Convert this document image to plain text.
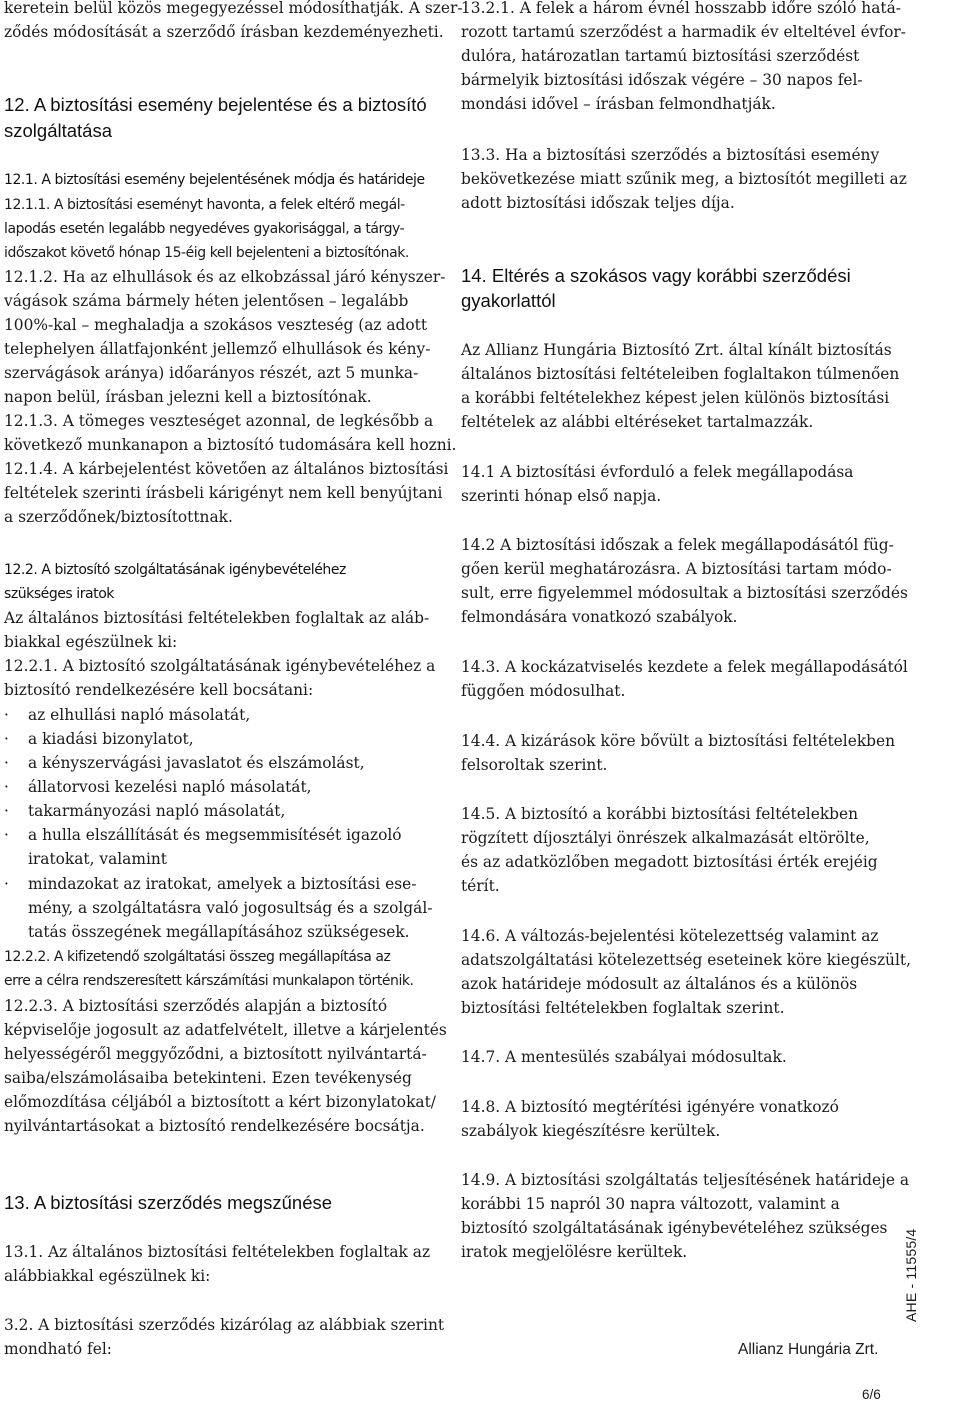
keretein belül közös megegyezéssel módosíthatják. A szer-
ződés módosítását a szerződő írásban kezdeményezheti.
12. A biztosítási esemény bejelentése és a biztosító
szolgáltatása
12.1. A biztosítási esemény bejelentésének módja és határideje
12.1.1. A biztosítási eseményt havonta, a felek eltérő megál-
lapodás esetén legalább negyedéves gyakorisággal, a tárgy-
időszakot követő hónap 15-éig kell bejelenteni a biztosítónak.
12.1.2. Ha az elhullások és az elkobzással járó kényszer-
vágások száma bármely héten jelentősen – legalább
100%-kal – meghaladja a szokásos veszteség (az adott
telephelyen állatfajonként jellemző elhullások és kény-
szervágások aránya) időarányos részét, azt 5 munka-
napon belül, írásban jelezni kell a biztosítónak.
12.1.3. A tömeges veszteséget azonnal, de legkésőbb a
következő munkanapon a biztosító tudomására kell hozni.
12.1.4. A kárbejelentést követően az általános biztosítási
feltételek szerinti írásbeli kárigényt nem kell benyújtani
a szerződőnek/biztosítottnak.
12.2. A biztosító szolgáltatásának igénybevételéhez
szükséges iratok
Az általános biztosítási feltételekben foglaltak az aláb-
biakkal egészülnek ki:
12.2.1. A biztosító szolgáltatásának igénybevételéhez a
biztosító rendelkezésére kell bocsátani:
· az elhullási napló másolatát,
· a kiadási bizonylatot,
· a kényszervágási javaslatot és elszámolást,
· állatorvosi kezelési napló másolatát,
· takarmányozási napló másolatát,
· a hulla elszállítását és megsemmisítését igazoló
iratokat, valamint
· mindazokat az iratokat, amelyek a biztosítási ese-
mény, a szolgáltatásra való jogosultság és a szolgál-
tatás összegének megállapításához szükségesek.
12.2.2. A kifizetendő szolgáltatási összeg megállapítása az
erre a célra rendszeresített kárszámítási munkalapon történik.
12.2.3. A biztosítási szerződés alapján a biztosító
képviselője jogosult az adatfelvételt, illetve a kárjelentés
helyességéről meggyőződni, a biztosított nyilvántartá-
saiba/elszámolásaiba betekinteni. Ezen tevékenység
előmozdítása céljából a biztosított a kért bizonylatokat/
nyilvántartásokat a biztosító rendelkezésére bocsátja.
13. A biztosítási szerződés megszűnése
13.1. Az általános biztosítási feltételekben foglaltak az
alábbiakkal egészülnek ki:
3.2. A biztosítási szerződés kizárólag az alábbiak szerint
mondható fel:
13.2.1. A felek a három évnél hosszabb időre szóló hatá-
rozott tartamú szerződést a harmadik év elteltével évfor-
dulóra, határozatlan tartamú biztosítási szerződést
bármelyik biztosítási időszak végére – 30 napos fel-
mondási idővel – írásban felmondhatják.
13.3. Ha a biztosítási szerződés a biztosítási esemény
bekövetkezése miatt szűnik meg, a biztosítót megilleti az
adott biztosítási időszak teljes díja.
14. Eltérés a szokásos vagy korábbi szerződési
gyakorlattól
Az Allianz Hungária Biztosító Zrt. által kínált biztosítás
általános biztosítási feltételeiben foglaltakon túlmenően
a korábbi feltételekhez képest jelen különös biztosítási
feltételek az alábbi eltéréseket tartalmazzák.
14.1 A biztosítási évforduló a felek megállapodása
szerinti hónap első napja.
14.2 A biztosítási időszak a felek megállapodásától füg-
gően kerül meghatározásra. A biztosítási tartam módo-
sult, erre figyelemmel módosultak a biztosítási szerződés
felmondására vonatkozó szabályok.
14.3. A kockázatviselés kezdete a felek megállapodásától
függően módosulhat.
14.4. A kizárások köre bővült a biztosítási feltételekben
felsoroltak szerint.
14.5. A biztosító a korábbi biztosítási feltételekben
rögzített díjosztályi önrészek alkalmazását eltörölte,
és az adatközlőben megadott biztosítási érték erejéig
térít.
14.6. A változás-bejelentési kötelezettség valamint az
adatszolgáltatási kötelezettség eseteinek köre kiegészült,
azok határideje módosult az általános és a különös
biztosítási feltételekben foglaltak szerint.
14.7. A mentesülés szabályai módosultak.
14.8. A biztosító megtérítési igényére vonatkozó
szabályok kiegészítésre kerültek.
14.9. A biztosítási szolgáltatás teljesítésének határideje a
korábbi 15 napról 30 napra változott, valamint a
biztosító szolgáltatásának igénybevételéhez szükséges
iratok megjelölésre kerültek.
Allianz Hungária Zrt.
AHE - 11555/4
6/6
